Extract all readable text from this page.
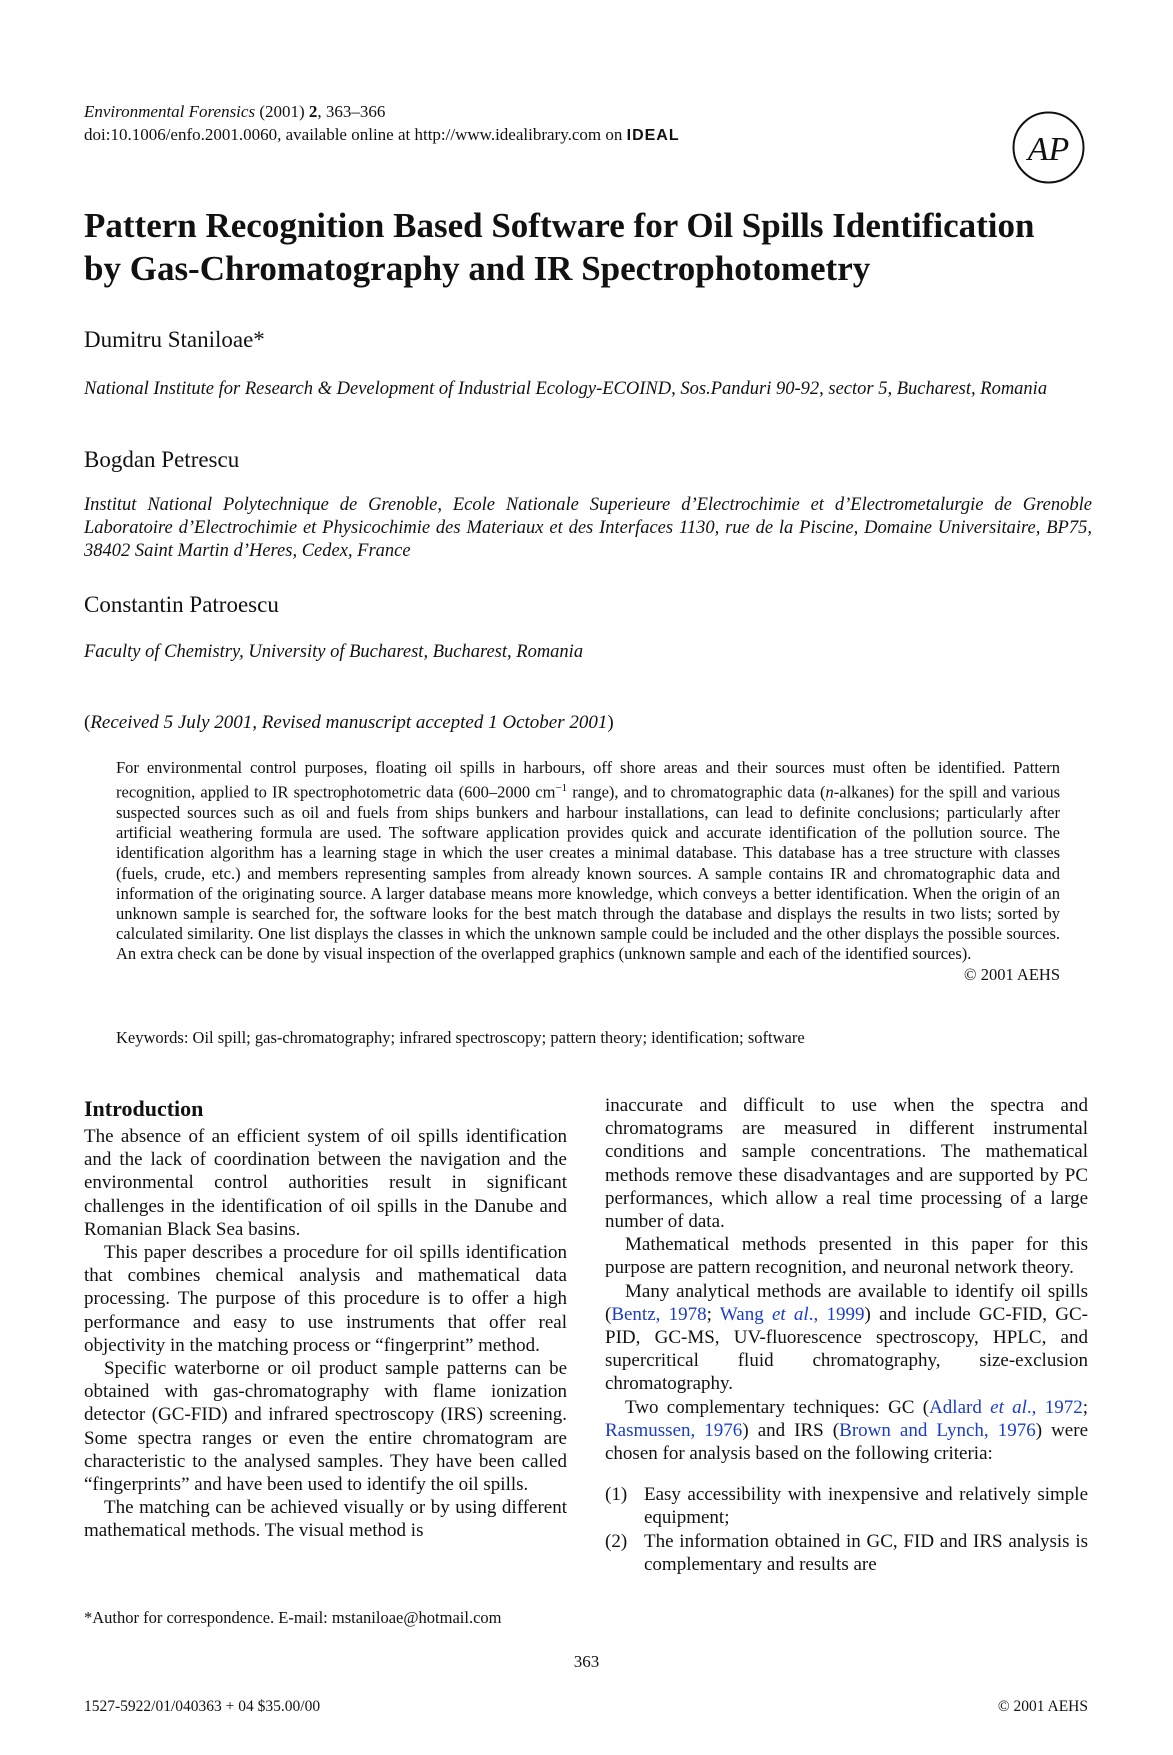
Environmental Forensics (2001) 2, 363–366
doi:10.1006/enfo.2001.0060, available online at http://www.idealibrary.com on IDEAL	AP
Pattern Recognition Based Software for Oil Spills Identification
by Gas-Chromatography and IR Spectrophotometry
Dumitru Staniloae*
National Institute for Research & Development of Industrial Ecology-ECOIND, Sos.Panduri 90-92, sector 5, Bucharest, Romania
Bogdan Petrescu
Institut National Polytechnique de Grenoble, Ecole Nationale Superieure d’Electrochimie et d’Electrometalurgie de Grenoble Laboratoire d’Electrochimie et Physicochimie des Materiaux et des Interfaces 1130, rue de la Piscine, Domaine Universitaire, BP75, 38402 Saint Martin d’Heres, Cedex, France
Constantin Patroescu
Faculty of Chemistry, University of Bucharest, Bucharest, Romania
(Received 5 July 2001, Revised manuscript accepted 1 October 2001)

For environmental control purposes, floating oil spills in harbours, off shore areas and their sources must often be identified. Pattern recognition, applied to IR spectrophotometric data (600–2000 $cm^{-1}$ range), and to chromatographic data (n-alkanes) for the spill and various suspected sources such as oil and fuels from ships bunkers and harbour installations, can lead to definite conclusions; particularly after artificial weathering formula are used. The software application provides quick and accurate identification of the pollution source. The identification algorithm has a learning stage in which the user creates a minimal database. This database has a tree structure with classes (fuels, crude, etc.) and members representing samples from already known sources. A sample contains IR and chromatographic data and information of the originating source. A larger database means more knowledge, which conveys a better identification. When the origin of an unknown sample is searched for, the software looks for the best match through the database and displays the results in two lists; sorted by calculated similarity. One list displays the classes in which the unknown sample could be included and the other displays the possible sources. An extra check can be done by visual inspection of the overlapped graphics (unknown sample and each of the identified sources).
© 2001 AEHS

Keywords: Oil spill; gas-chromatography; infrared spectroscopy; pattern theory; identification; software
Introduction

The absence of an efficient system of oil spills identification and the lack of coordination between the navigation and the environmental control authorities result in significant challenges in the identification of oil spills in the Danube and Romanian Black Sea basins.

This paper describes a procedure for oil spills identification that combines chemical analysis and mathematical data processing. The purpose of this procedure is to offer a high performance and easy to use instruments that offer real objectivity in the matching process or “fingerprint” method.

Specific waterborne or oil product sample patterns can be obtained with gas-chromatography with flame ionization detector (GC-FID) and infrared spectroscopy (IRS) screening. Some spectra ranges or even the entire chromatogram are characteristic to the analysed samples. They have been called “fingerprints” and have been used to identify the oil spills.

The matching can be achieved visually or by using different mathematical methods. The visual method is

inaccurate and difficult to use when the spectra and chromatograms are measured in different instrumental conditions and sample concentrations. The mathematical methods remove these disadvantages and are supported by PC performances, which allow a real time processing of a large number of data.

Mathematical methods presented in this paper for this purpose are pattern recognition, and neuronal network theory.

Many analytical methods are available to identify oil spills (Bentz, 1978; Wang et al., 1999) and include GC-FID, GC-PID, GC-MS, UV-fluorescence spectroscopy, HPLC, and supercritical fluid chromatography, size-exclusion chromatography.

Two complementary techniques: GC (Adlard et al., 1972; Rasmussen, 1976) and IRS (Brown and Lynch, 1976) were chosen for analysis based on the following criteria:

(1) Easy accessibility with inexpensive and relatively simple equipment;
(2) The information obtained in GC, FID and IRS analysis is complementary and results are
*Author for correspondence. E-mail: mstaniloae@hotmail.com
363
1527-5922/01/040363 + 04 $35.00/00	© 2001 AEHS
